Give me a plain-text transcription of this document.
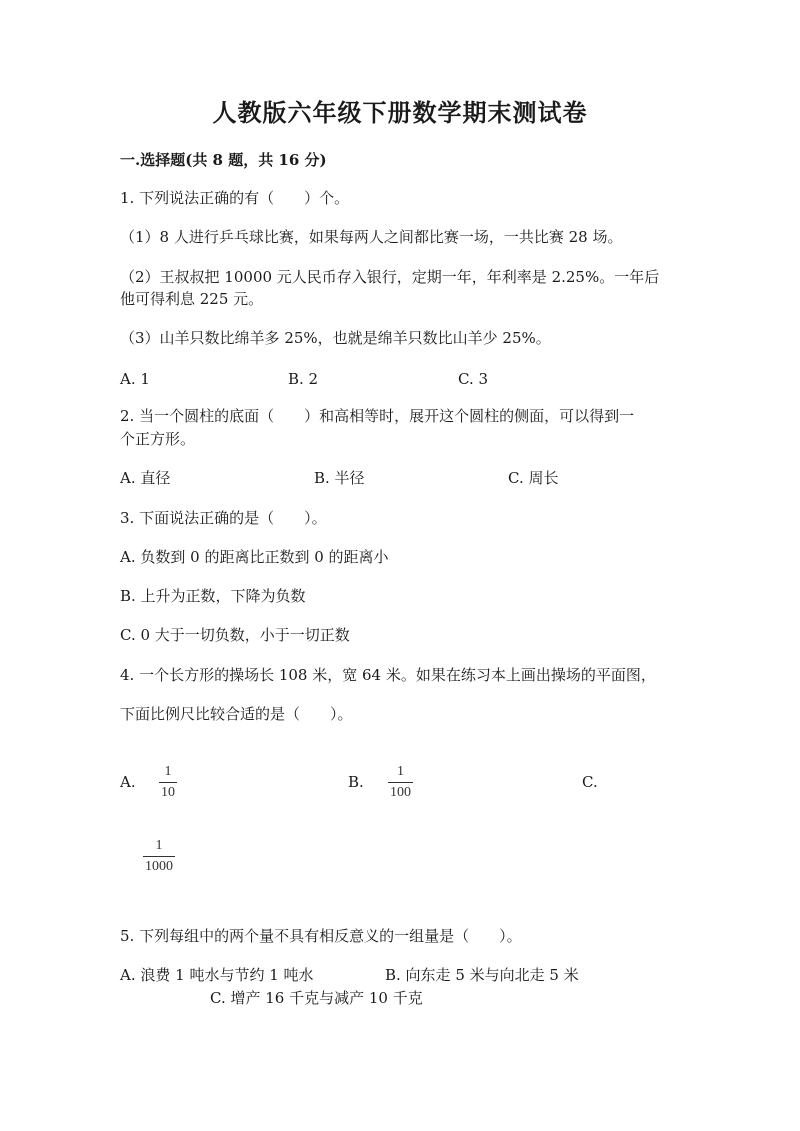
人教版六年级下册数学期末测试卷
一.选择题(共 8 题，共 16 分)
1. 下列说法正确的有（　　）个。
（1）8 人进行乒乓球比赛，如果每两人之间都比赛一场，一共比赛 28 场。
（2）王叔叔把 10000 元人民币存入银行，定期一年，年利率是 2.25%。一年后
他可得利息 225 元。
（3）山羊只数比绵羊多 25%，也就是绵羊只数比山羊少 25%。
A. 1	B. 2	C. 3
2. 当一个圆柱的底面（　　）和高相等时，展开这个圆柱的侧面，可以得到一
个正方形。
A. 直径	B. 半径	C. 周长
3. 下面说法正确的是（　　）。
A. 负数到 0 的距离比正数到 0 的距离小
B. 上升为正数，下降为负数
C. 0 大于一切负数，小于一切正数
4. 一个长方形的操场长 108 米，宽 64 米。如果在练习本上画出操场的平面图，
下面比例尺比较合适的是（　　）。
A.
1
10
B.
1
100
C.
1
1000
5. 下列每组中的两个量不具有相反意义的一组量是（　　）。
A. 浪费 1 吨水与节约 1 吨水	B. 向东走 5 米与向北走 5 米
C. 增产 16 千克与减产 10 千克
